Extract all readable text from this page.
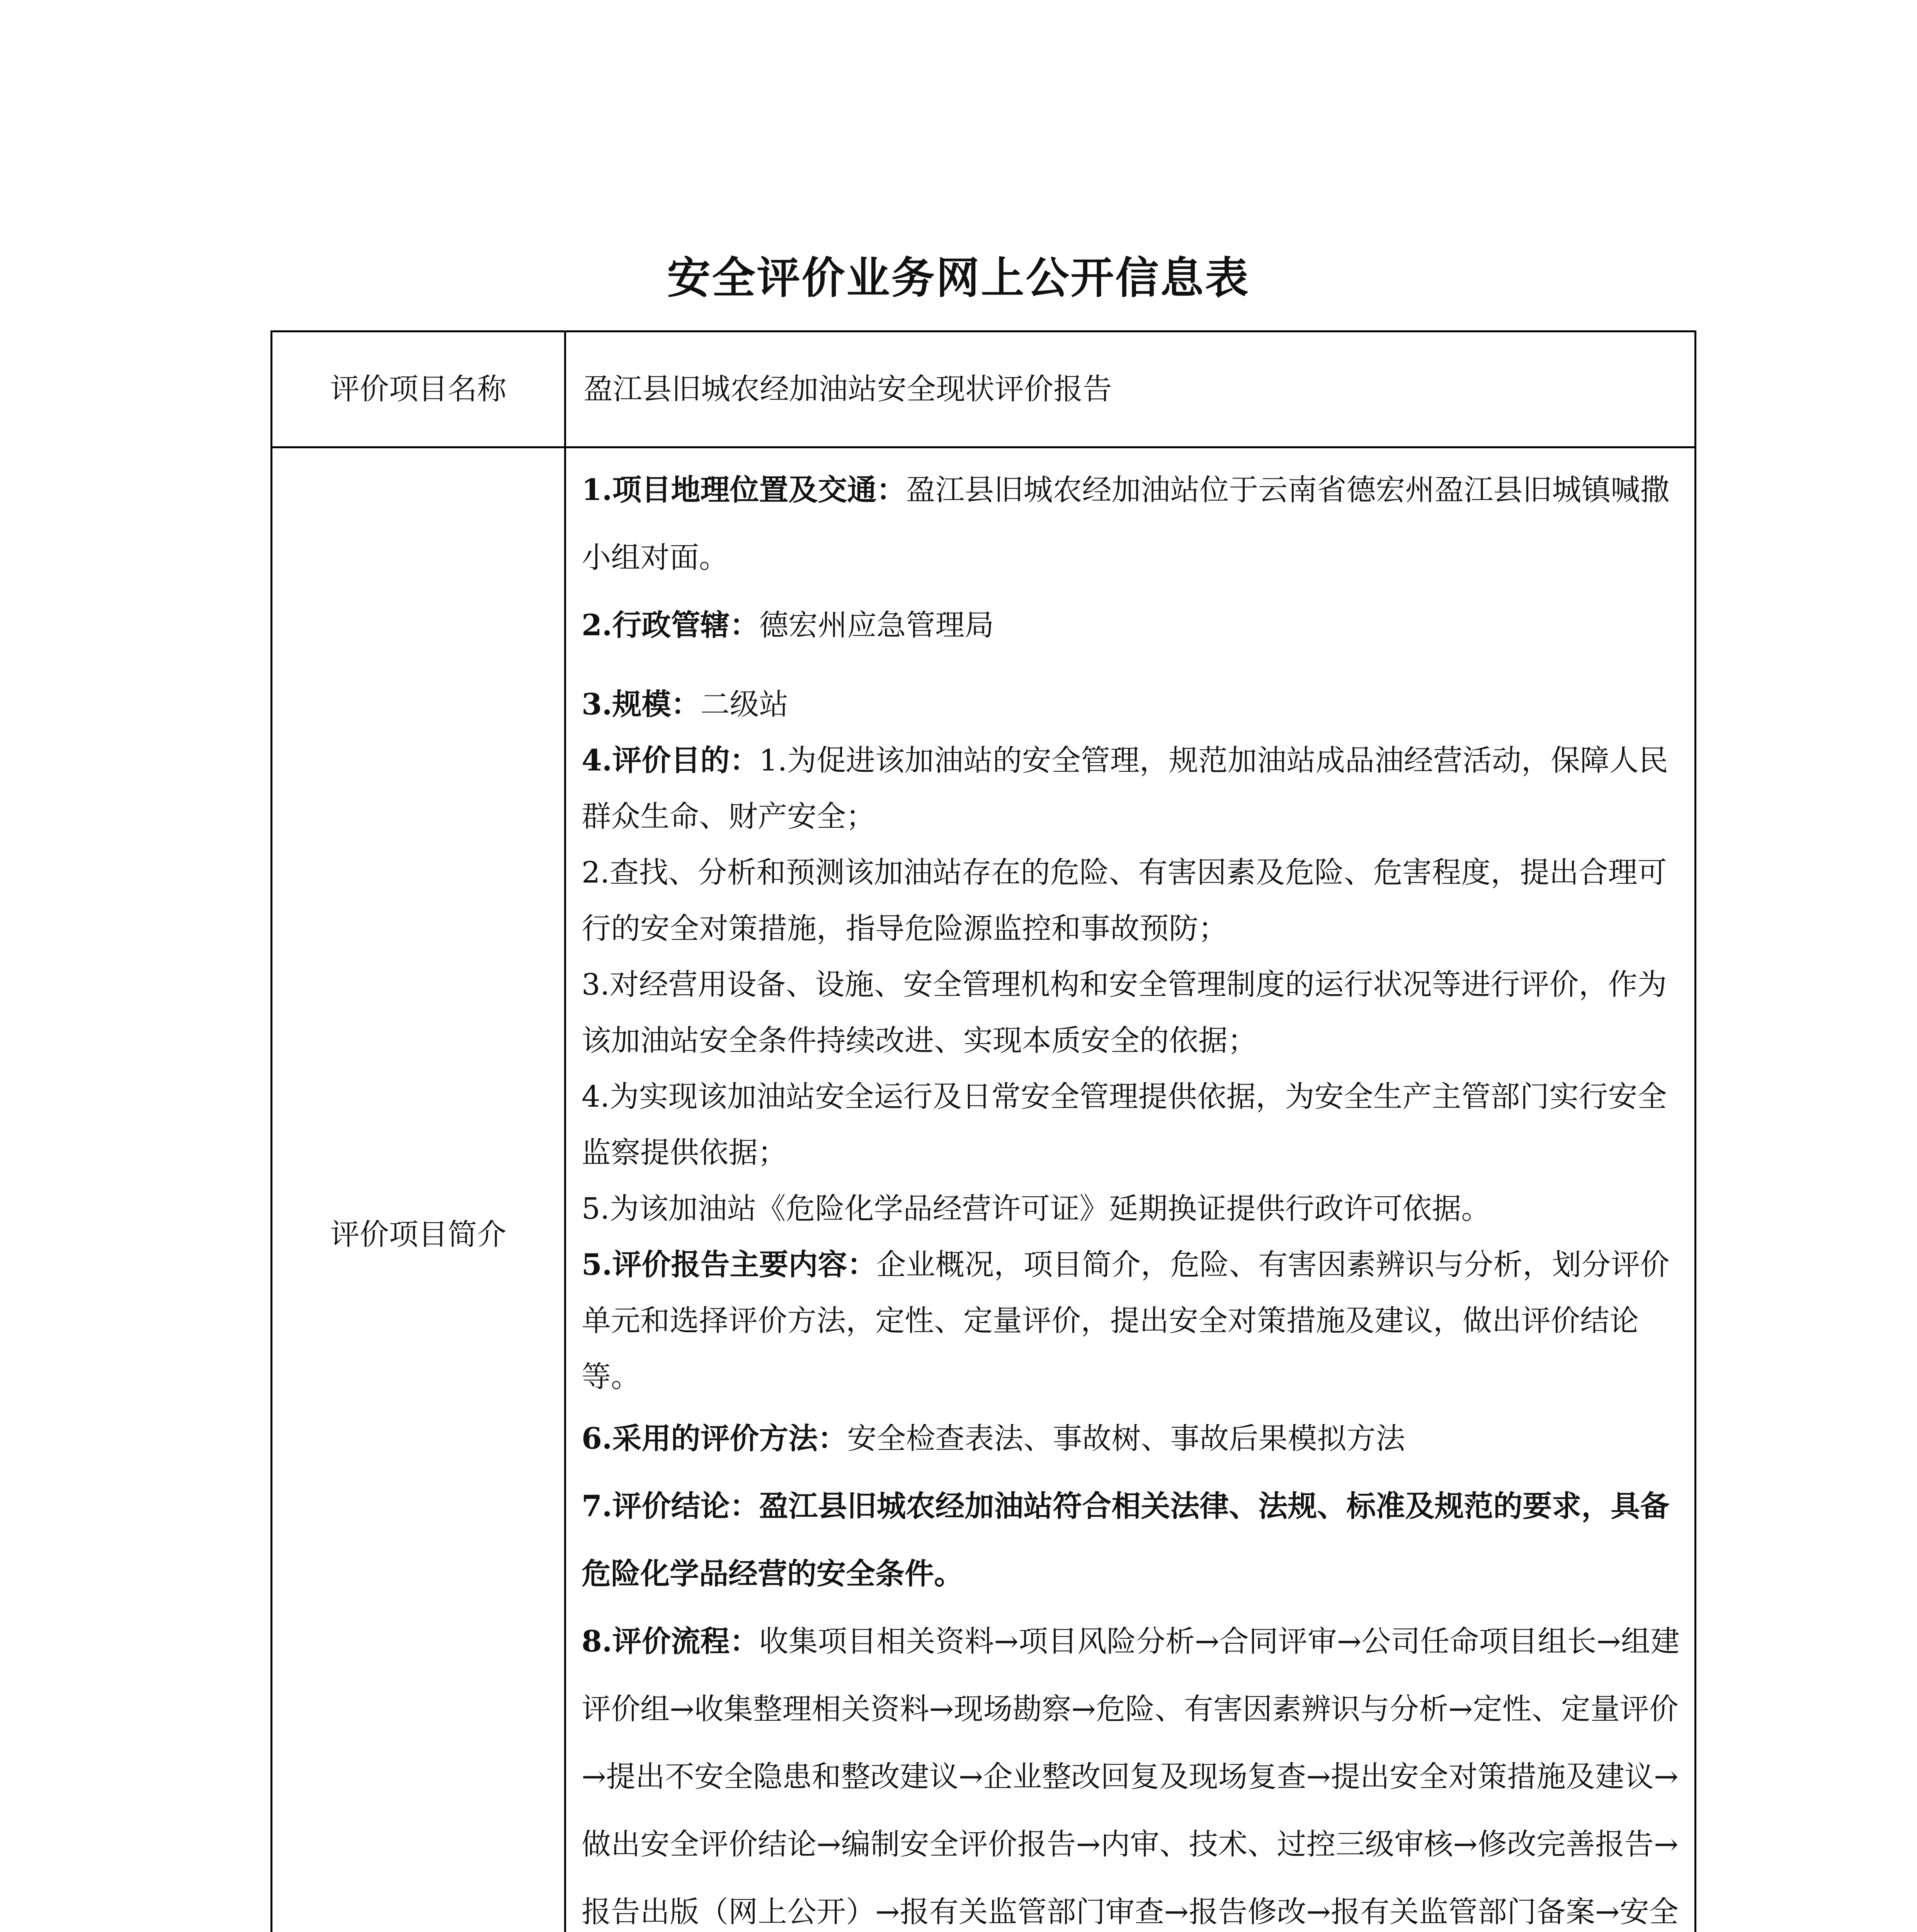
安全评价业务网上公开信息表
评价项目名称	盈江县旧城农经加油站安全现状评价报告
评价项目简介	

1.项目地理位置及交通：盈江县旧城农经加油站位于云南省德宏州盈江县旧城镇喊撒小组对面。

2.行政管辖：德宏州应急管理局

3.规模：二级站

4.评价目的：1.为促进该加油站的安全管理，规范加油站成品油经营活动，保障人民群众生命、财产安全；

2.查找、分析和预测该加油站存在的危险、有害因素及危险、危害程度，提出合理可行的安全对策措施，指导危险源监控和事故预防；

3.对经营用设备、设施、安全管理机构和安全管理制度的运行状况等进行评价，作为该加油站安全条件持续改进、实现本质安全的依据；

4.为实现该加油站安全运行及日常安全管理提供依据，为安全生产主管部门实行安全监察提供依据；

5.为该加油站《危险化学品经营许可证》延期换证提供行政许可依据。

5.评价报告主要内容：企业概况，项目简介，危险、有害因素辨识与分析，划分评价单元和选择评价方法，定性、定量评价，提出安全对策措施及建议，做出评价结论等。

6.采用的评价方法：安全检查表法、事故树、事故后果模拟方法

7.评价结论：盈江县旧城农经加油站符合相关法律、法规、标准及规范的要求，具备危险化学品经营的安全条件。

8.评价流程：收集项目相关资料→项目风险分析→合同评审→公司任命项目组长→组建评价组→收集整理相关资料→现场勘察→危险、有害因素辨识与分析→定性、定量评价→提出不安全隐患和整改建议→企业整改回复及现场复查→提出安全对策措施及建议→做出安全评价结论→编制安全评价报告→内审、技术、过控三级审核→修改完善报告→报告出版（网上公开）→报有关监管部门审查→报告修改→报有关监管部门备案→安全
